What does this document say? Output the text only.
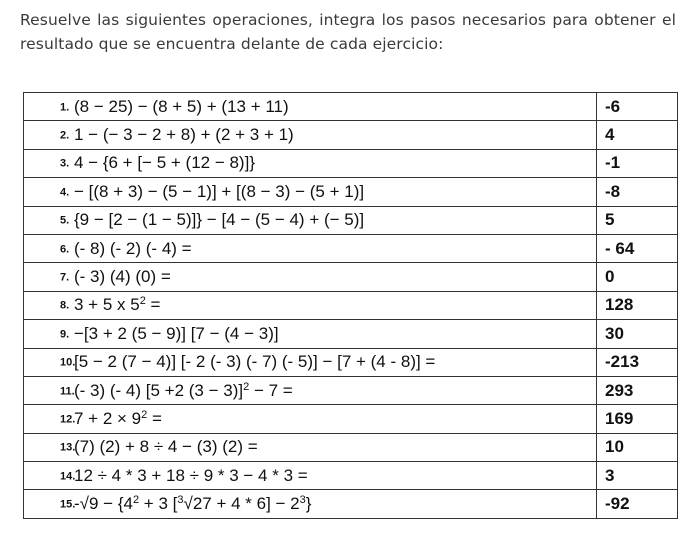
Resuelve las siguientes operaciones, integra los pasos necesarios para obtener el resultado que se encuentra delante de cada ejercicio:
1. (8 − 25) − (8 + 5) + (13 + 11)	-6

2. 1 − (− 3 − 2 + 8) + (2 + 3 + 1)	4

3. 4 − {6 + [− 5 + (12 − 8)]}	-1

4. − [(8 + 3) − (5 − 1)] + [(8 − 3) − (5 + 1)]	-8

5. {9 − [2 − (1 − 5)]} − [4 − (5 − 4) + (− 5)]	5

6. (- 8) (- 2) (- 4) =	- 64

7. (- 3) (4) (0) =	0

8. 3 + 5 x $5^2$ =	128

9. −[3 + 2 (5 − 9)] [7 − (4 − 3)]	30

10.
[5 − 2 (7 − 4)] [- 2 (- 3) (- 7) (- 5)] − [7 + (4 - 8)] =	-213

11. (- 3) (- 4) [5 +2 (3 − 3)]$^2$ − 7 =	293

12.
$7 + 2 \times 9^2$ =	169

13.
(7) (2) + 8 ÷ 4 − (3) (2) =	10

14.
12 ÷ 4 * 3 + 18 ÷ 9 * 3 − 4 * 3 =	3

15.
$-√9 - \{4^2 + 3$ $[^3√27 + 4 * 6] - 2^3$}	-92
